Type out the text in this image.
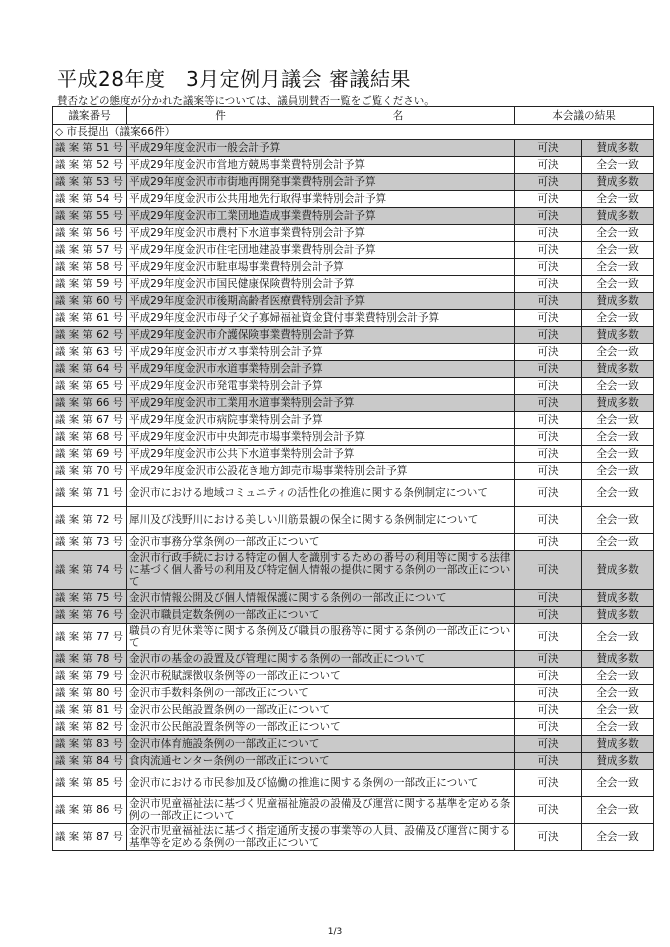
平成28年度　3月定例月議会 審議結果
賛否などの態度が分かれた議案等については、議員別賛否一覧をご覧ください。
議案番号	件 名	本会議の結果	
◇ 市長提出（議案66件）			
議 案 第 51 号	平成29年度金沢市一般会計予算	可決	賛成多数
議 案 第 52 号	平成29年度金沢市営地方競馬事業費特別会計予算	可決	全会一致
議 案 第 53 号	平成29年度金沢市市街地再開発事業費特別会計予算	可決	賛成多数
議 案 第 54 号	平成29年度金沢市公共用地先行取得事業特別会計予算	可決	全会一致
議 案 第 55 号	平成29年度金沢市工業団地造成事業費特別会計予算	可決	賛成多数
議 案 第 56 号	平成29年度金沢市農村下水道事業費特別会計予算	可決	全会一致
議 案 第 57 号	平成29年度金沢市住宅団地建設事業費特別会計予算	可決	全会一致
議 案 第 58 号	平成29年度金沢市駐車場事業費特別会計予算	可決	全会一致
議 案 第 59 号	平成29年度金沢市国民健康保険費特別会計予算	可決	全会一致
議 案 第 60 号	平成29年度金沢市後期高齢者医療費特別会計予算	可決	賛成多数
議 案 第 61 号	平成29年度金沢市母子父子寡婦福祉資金貸付事業費特別会計予算	可決	全会一致
議 案 第 62 号	平成29年度金沢市介護保険事業費特別会計予算	可決	賛成多数
議 案 第 63 号	平成29年度金沢市ガス事業特別会計予算	可決	全会一致
議 案 第 64 号	平成29年度金沢市水道事業特別会計予算	可決	賛成多数
議 案 第 65 号	平成29年度金沢市発電事業特別会計予算	可決	全会一致
議 案 第 66 号	平成29年度金沢市工業用水道事業特別会計予算	可決	賛成多数
議 案 第 67 号	平成29年度金沢市病院事業特別会計予算	可決	全会一致
議 案 第 68 号	平成29年度金沢市中央卸売市場事業特別会計予算	可決	全会一致
議 案 第 69 号	平成29年度金沢市公共下水道事業特別会計予算	可決	全会一致
議 案 第 70 号	平成29年度金沢市公設花き地方卸売市場事業特別会計予算	可決	全会一致
議 案 第 71 号	金沢市における地域コミュニティの活性化の推進に関する条例制定について	可決	全会一致
議 案 第 72 号	犀川及び浅野川における美しい川筋景観の保全に関する条例制定について	可決	全会一致
議 案 第 73 号	金沢市事務分掌条例の一部改正について	可決	全会一致
議 案 第 74 号	金沢市行政手続における特定の個人を識別するための番号の利用等に関する法律に基づく個人番号の利用及び特定個人情報の提供に関する条例の一部改正について	可決	賛成多数
議 案 第 75 号	金沢市情報公開及び個人情報保護に関する条例の一部改正について	可決	賛成多数
議 案 第 76 号	金沢市職員定数条例の一部改正について	可決	賛成多数
議 案 第 77 号	職員の育児休業等に関する条例及び職員の服務等に関する条例の一部改正について	可決	全会一致
議 案 第 78 号	金沢市の基金の設置及び管理に関する条例の一部改正について	可決	賛成多数
議 案 第 79 号	金沢市税賦課徴収条例等の一部改正について	可決	全会一致
議 案 第 80 号	金沢市手数料条例の一部改正について	可決	全会一致
議 案 第 81 号	金沢市公民館設置条例の一部改正について	可決	全会一致
議 案 第 82 号	金沢市公民館設置条例等の一部改正について	可決	全会一致
議 案 第 83 号	金沢市体育施設条例の一部改正について	可決	賛成多数
議 案 第 84 号	食肉流通センター条例の一部改正について	可決	賛成多数
議 案 第 85 号	金沢市における市民参加及び協働の推進に関する条例の一部改正について	可決	全会一致
議 案 第 86 号	金沢市児童福祉法に基づく児童福祉施設の設備及び運営に関する基準を定める条例の一部改正について	可決	全会一致
議 案 第 87 号	金沢市児童福祉法に基づく指定通所支援の事業等の人員、設備及び運営に関する基準等を定める条例の一部改正について	可決	全会一致
1/3
